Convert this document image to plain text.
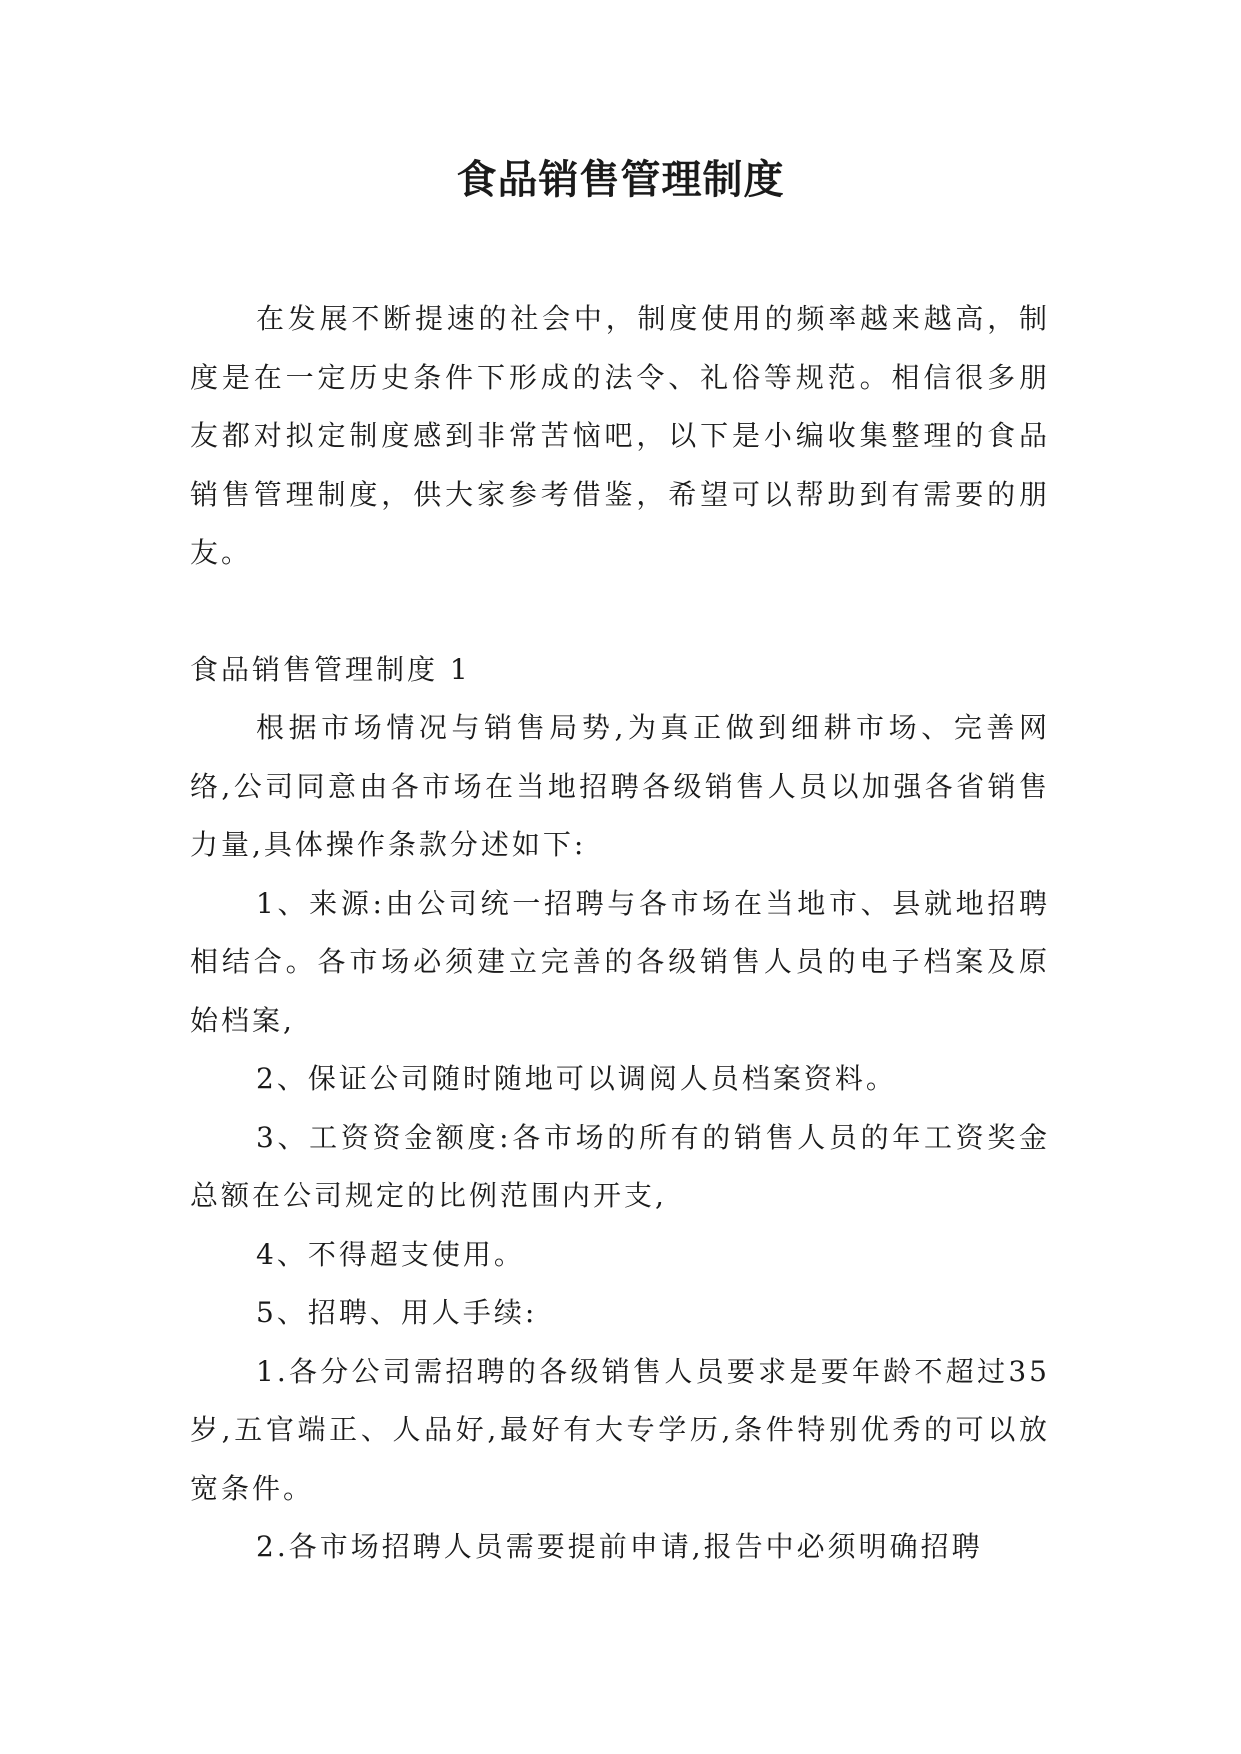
食品销售管理制度

在发展不断提速的社会中，制度使用的频率越来越高，制度是在一定历史条件下形成的法令、礼俗等规范。相信很多朋友都对拟定制度感到非常苦恼吧，以下是小编收集整理的食品销售管理制度，供大家参考借鉴，希望可以帮助到有需要的朋友。

食品销售管理制度 1

根据市场情况与销售局势,为真正做到细耕市场、完善网络,公司同意由各市场在当地招聘各级销售人员以加强各省销售力量,具体操作条款分述如下:

1、来源:由公司统一招聘与各市场在当地市、县就地招聘相结合。各市场必须建立完善的各级销售人员的电子档案及原始档案,

2、保证公司随时随地可以调阅人员档案资料。

3、工资资金额度:各市场的所有的销售人员的年工资奖金总额在公司规定的比例范围内开支,

4、不得超支使用。

5、招聘、用人手续:

1.各分公司需招聘的各级销售人员要求是要年龄不超过35岁,五官端正、人品好,最好有大专学历,条件特别优秀的可以放宽条件。

2.各市场招聘人员需要提前申请,报告中必须明确招聘
